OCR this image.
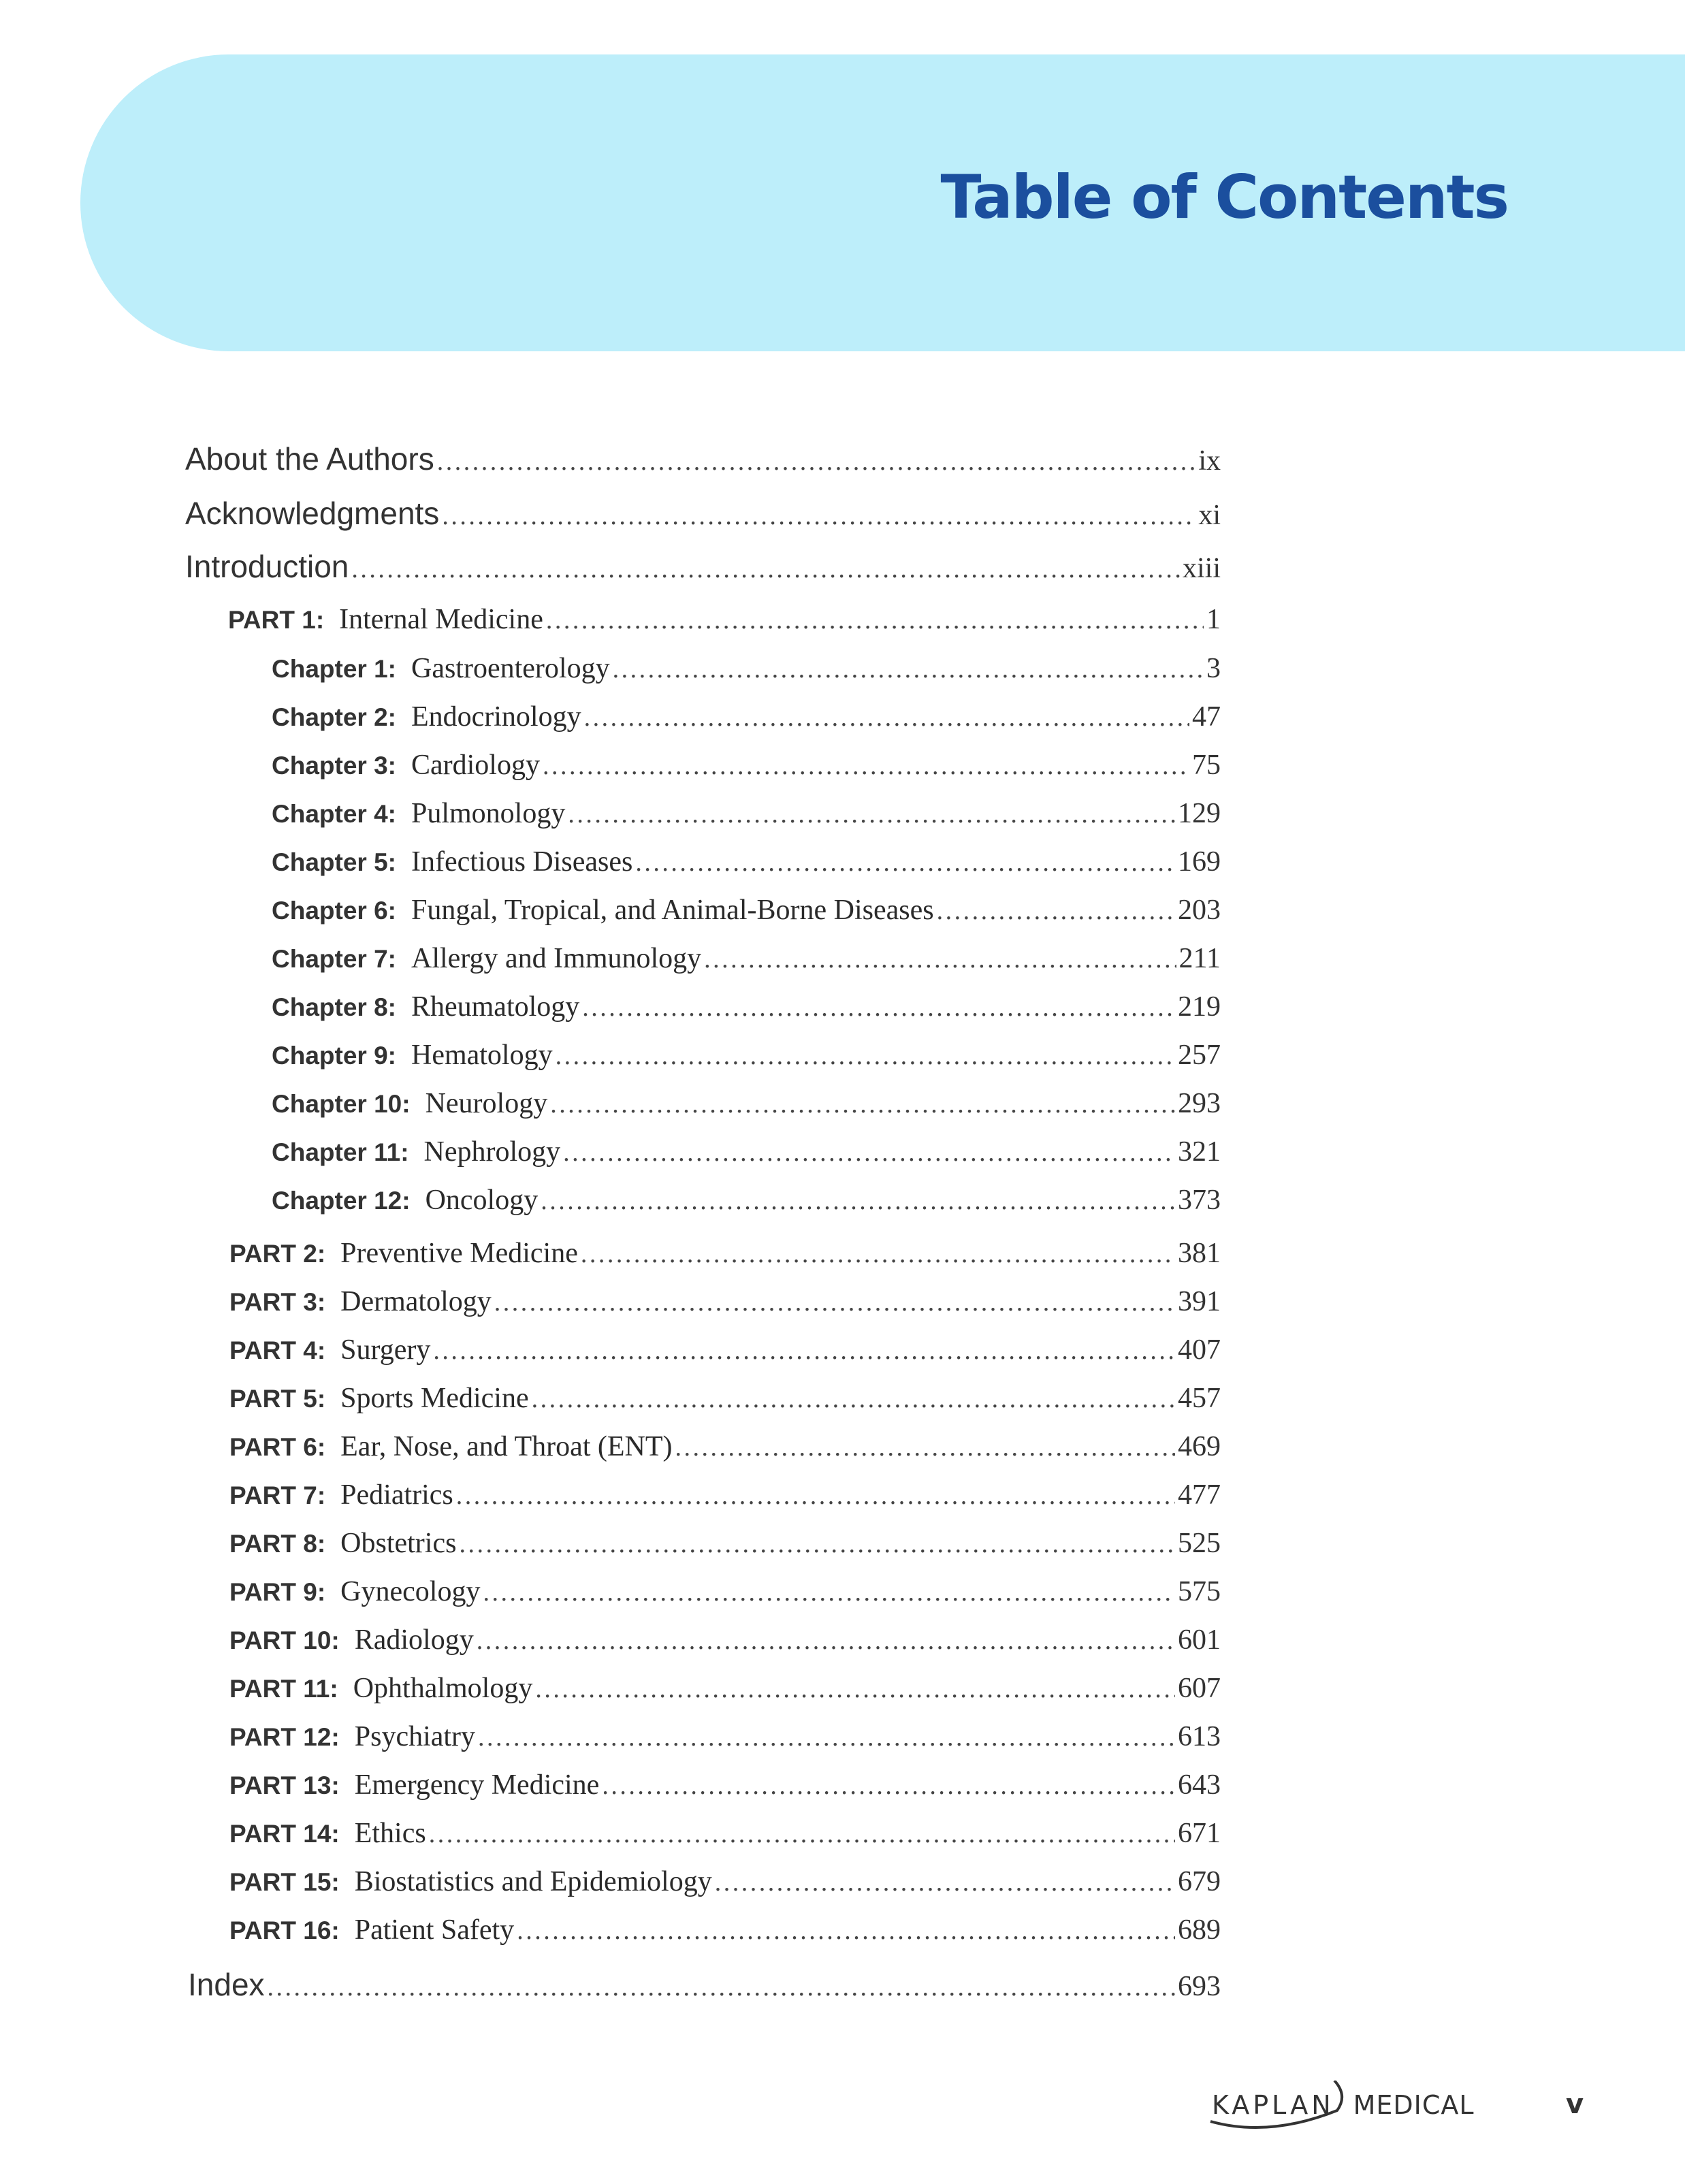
Table of Contents
About the Authors . . .	ix
Acknowledgments . . .	xi
Introduction . . .	xiii
PART 1: Internal Medicine . . .	1
Chapter 1: Gastroenterology . . .	3
Chapter 2: Endocrinology . . .	47
Chapter 3: Cardiology . . .	75
Chapter 4: Pulmonology . . .	129
Chapter 5: Infectious Diseases . . .	169
Chapter 6: Fungal, Tropical, and Animal-Borne Diseases . . .	203
Chapter 7: Allergy and Immunology . . .	211
Chapter 8: Rheumatology . . .	219
Chapter 9: Hematology . . .	257
Chapter 10: Neurology . . .	293
Chapter 11: Nephrology . . .	321
Chapter 12: Oncology . . .	373
PART 2: Preventive Medicine . . .	381
PART 3: Dermatology . . .	391
PART 4: Surgery . . .	407
PART 5: Sports Medicine . . .	457
PART 6: Ear, Nose, and Throat (ENT) . . .	469
PART 7: Pediatrics . . .	477
PART 8: Obstetrics . . .	525
PART 9: Gynecology . . .	575
PART 10: Radiology . . .	601
PART 11: Ophthalmology . . .	607
PART 12: Psychiatry . . .	613
PART 13: Emergency Medicine . . .	643
PART 14: Ethics . . .	671
PART 15: Biostatistics and Epidemiology . . .	679
PART 16: Patient Safety . . .	689
Index . . .	693
KAPLAN MEDICAL	v
